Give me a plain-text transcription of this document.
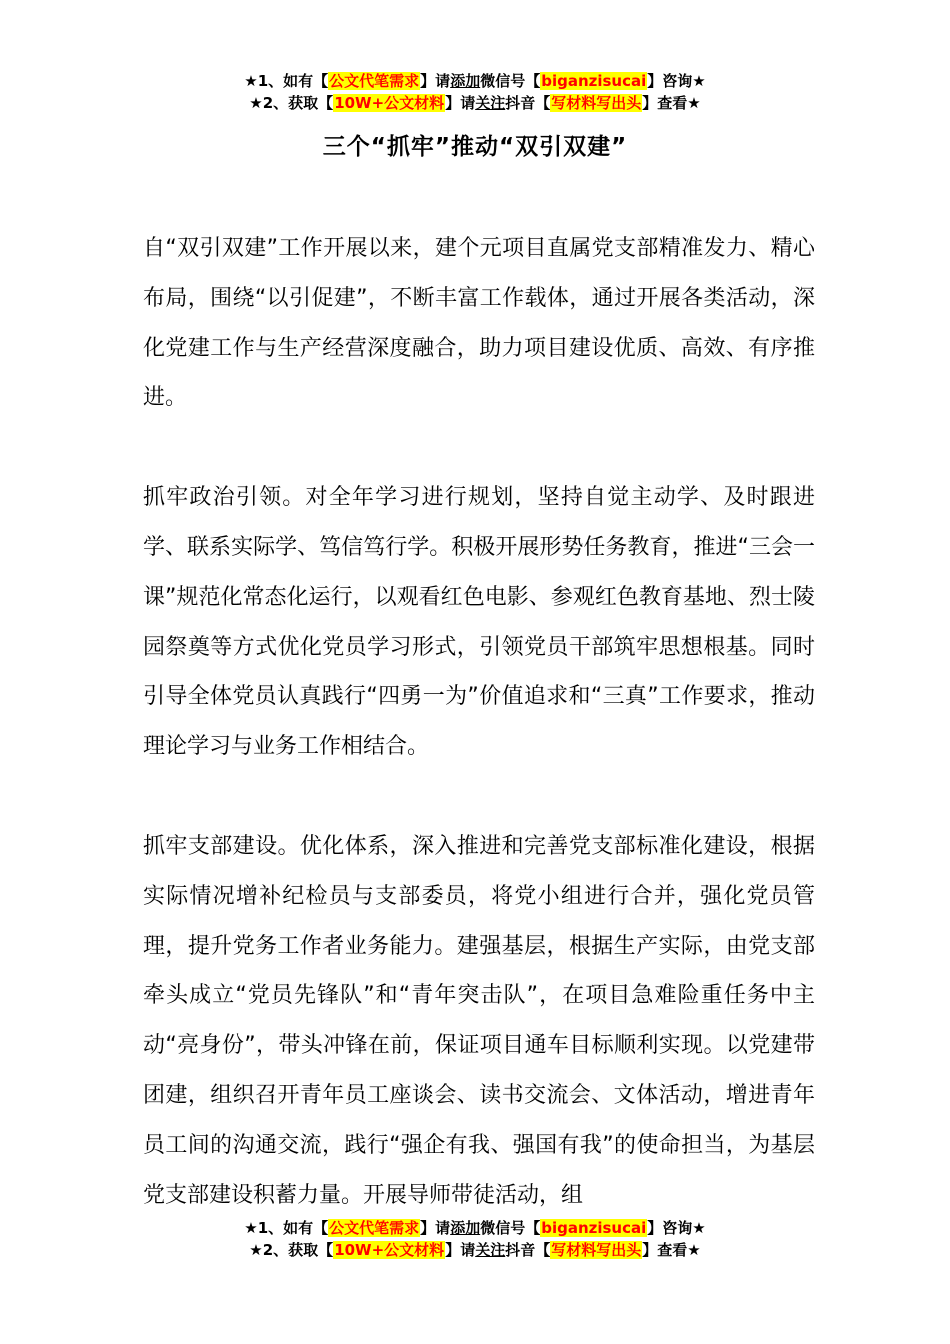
★1、如有【公文代笔需求】请添加微信号【biganzisucai】咨询★
★2、获取【10W+公文材料】请关注抖音【写材料写出头】查看★
三个“抓牢”推动“双引双建”

自“双引双建”工作开展以来，建个元项目直属党支部精准发力、精心布局，围绕“以引促建”，不断丰富工作载体，通过开展各类活动，深化党建工作与生产经营深度融合，助力项目建设优质、高效、有序推进。

抓牢政治引领。对全年学习进行规划，坚持自觉主动学、及时跟进学、联系实际学、笃信笃行学。积极开展形势任务教育，推进“三会一课”规范化常态化运行，以观看红色电影、参观红色教育基地、烈士陵园祭奠等方式优化党员学习形式，引领党员干部筑牢思想根基。同时引导全体党员认真践行“四勇一为”价值追求和“三真”工作要求，推动理论学习与业务工作相结合。

抓牢支部建设。优化体系，深入推进和完善党支部标准化建设，根据实际情况增补纪检员与支部委员，将党小组进行合并，强化党员管理，提升党务工作者业务能力。建强基层，根据生产实际，由党支部牵头成立“党员先锋队”和“青年突击队”，在项目急难险重任务中主动“亮身份”，带头冲锋在前，保证项目通车目标顺利实现。以党建带团建，组织召开青年员工座谈会、读书交流会、文体活动，增进青年员工间的沟通交流，践行“强企有我、强国有我”的使命担当，为基层党支部建设积蓄力量。开展导师带徒活动，组

★1、如有【公文代笔需求】请添加微信号【biganzisucai】咨询★
★2、获取【10W+公文材料】请关注抖音【写材料写出头】查看★
